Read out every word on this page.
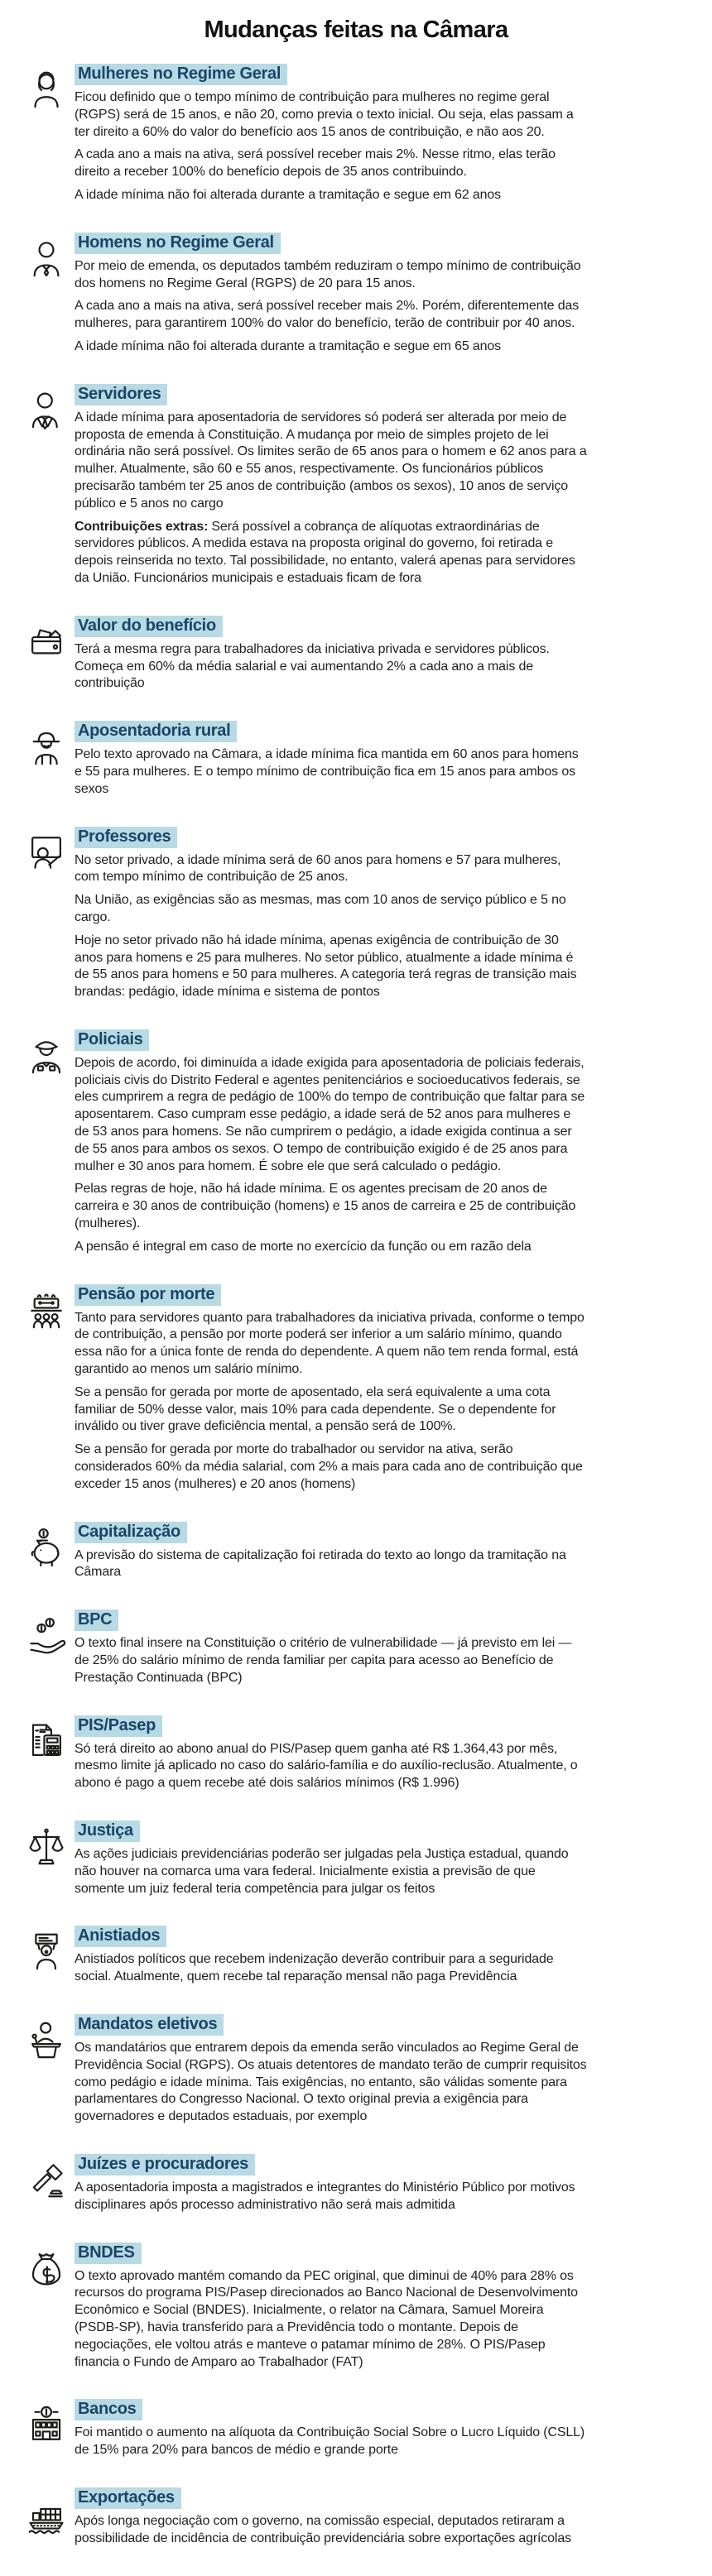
Mudanças feitas na Câmara
Mulheres no Regime Geral

Ficou definido que o tempo mínimo de contribuição para mulheres no regime geral (RGPS) será de 15 anos, e não 20, como previa o texto inicial. Ou seja, elas passam a ter direito a 60% do valor do benefício aos 15 anos de contribuição, e não aos 20.

A cada ano a mais na ativa, será possível receber mais 2%. Nesse ritmo, elas terão direito a receber 100% do benefício depois de 35 anos contribuindo.

A idade mínima não foi alterada durante a tramitação e segue em 62 anos

Homens no Regime Geral

Por meio de emenda, os deputados também reduziram o tempo mínimo de contribuição dos homens no Regime Geral (RGPS) de 20 para 15 anos.

A cada ano a mais na ativa, será possível receber mais 2%. Porém, diferentemente das mulheres, para garantirem 100% do valor do benefício, terão de contribuir por 40 anos.

A idade mínima não foi alterada durante a tramitação e segue em 65 anos

Servidores

A idade mínima para aposentadoria de servidores só poderá ser alterada por meio de proposta de emenda à Constituição. A mudança por meio de simples projeto de lei ordinária não será possível. Os limites serão de 65 anos para o homem e 62 anos para a mulher. Atualmente, são 60 e 55 anos, respectivamente. Os funcionários públicos precisarão também ter 25 anos de contribuição (ambos os sexos), 10 anos de serviço público e 5 anos no cargo

Contribuições extras: Será possível a cobrança de alíquotas extraordinárias de servidores públicos. A medida estava na proposta original do governo, foi retirada e depois reinserida no texto. Tal possibilidade, no entanto, valerá apenas para servidores da União. Funcionários municipais e estaduais ficam de fora

Valor do benefício

Terá a mesma regra para trabalhadores da iniciativa privada e servidores públicos. Começa em 60% da média salarial e vai aumentando 2% a cada ano a mais de contribuição

Aposentadoria rural

Pelo texto aprovado na Câmara, a idade mínima fica mantida em 60 anos para homens e 55 para mulheres. E o tempo mínimo de contribuição fica em 15 anos para ambos os sexos

Professores

No setor privado, a idade mínima será de 60 anos para homens e 57 para mulheres, com tempo mínimo de contribuição de 25 anos.

Na União, as exigências são as mesmas, mas com 10 anos de serviço público e 5 no cargo.

Hoje no setor privado não há idade mínima, apenas exigência de contribuição de 30 anos para homens e 25 para mulheres. No setor público, atualmente a idade mínima é de 55 anos para homens e 50 para mulheres. A categoria terá regras de transição mais brandas: pedágio, idade mínima e sistema de pontos

Policiais

Depois de acordo, foi diminuída a idade exigida para aposentadoria de policiais federais, policiais civis do Distrito Federal e agentes penitenciários e socioeducativos federais, se eles cumprirem a regra de pedágio de 100% do tempo de contribuição que faltar para se aposentarem. Caso cumpram esse pedágio, a idade será de 52 anos para mulheres e de 53 anos para homens. Se não cumprirem o pedágio, a idade exigida continua a ser de 55 anos para ambos os sexos. O tempo de contribuição exigido é de 25 anos para mulher e 30 anos para homem. É sobre ele que será calculado o pedágio.

Pelas regras de hoje, não há idade mínima. E os agentes precisam de 20 anos de carreira e 30 anos de contribuição (homens) e 15 anos de carreira e 25 de contribuição (mulheres).

A pensão é integral em caso de morte no exercício da função ou em razão dela

Pensão por morte

Tanto para servidores quanto para trabalhadores da iniciativa privada, conforme o tempo de contribuição, a pensão por morte poderá ser inferior a um salário mínimo, quando essa não for a única fonte de renda do dependente. A quem não tem renda formal, está garantido ao menos um salário mínimo.

Se a pensão for gerada por morte de aposentado, ela será equivalente a uma cota familiar de 50% desse valor, mais 10% para cada dependente. Se o dependente for inválido ou tiver grave deficiência mental, a pensão será de 100%.

Se a pensão for gerada por morte do trabalhador ou servidor na ativa, serão considerados 60% da média salarial, com 2% a mais para cada ano de contribuição que exceder 15 anos (mulheres) e 20 anos (homens)

Capitalização

A previsão do sistema de capitalização foi retirada do texto ao longo da tramitação na Câmara

BPC

O texto final insere na Constituição o critério de vulnerabilidade — já previsto em lei — de 25% do salário mínimo de renda familiar per capita para acesso ao Benefício de Prestação Continuada (BPC)

PIS/Pasep

Só terá direito ao abono anual do PIS/Pasep quem ganha até R$ 1.364,43 por mês, mesmo limite já aplicado no caso do salário-família e do auxílio-reclusão. Atualmente, o abono é pago a quem recebe até dois salários mínimos (R$ 1.996)

Justiça

As ações judiciais previdenciárias poderão ser julgadas pela Justiça estadual, quando não houver na comarca uma vara federal. Inicialmente existia a previsão de que somente um juiz federal teria competência para julgar os feitos

Anistiados

Anistiados políticos que recebem indenização deverão contribuir para a seguridade social. Atualmente, quem recebe tal reparação mensal não paga Previdência

Mandatos eletivos

Os mandatários que entrarem depois da emenda serão vinculados ao Regime Geral de Previdência Social (RGPS). Os atuais detentores de mandato terão de cumprir requisitos como pedágio e idade mínima. Tais exigências, no entanto, são válidas somente para parlamentares do Congresso Nacional. O texto original previa a exigência para governadores e deputados estaduais, por exemplo

Juízes e procuradores

A aposentadoria imposta a magistrados e integrantes do Ministério Público por motivos disciplinares após processo administrativo não será mais admitida

BNDES

O texto aprovado mantém comando da PEC original, que diminui de 40% para 28% os recursos do programa PIS/Pasep direcionados ao Banco Nacional de Desenvolvimento Econômico e Social (BNDES). Inicialmente, o relator na Câmara, Samuel Moreira (PSDB-SP), havia transferido para a Previdência todo o montante. Depois de negociações, ele voltou atrás e manteve o patamar mínimo de 28%. O PIS/Pasep financia o Fundo de Amparo ao Trabalhador (FAT)

Bancos

Foi mantido o aumento na alíquota da Contribuição Social Sobre o Lucro Líquido (CSLL) de 15% para 20% para bancos de médio e grande porte

Exportações

Após longa negociação com o governo, na comissão especial, deputados retiraram a possibilidade de incidência de contribuição previdenciária sobre exportações agrícolas
